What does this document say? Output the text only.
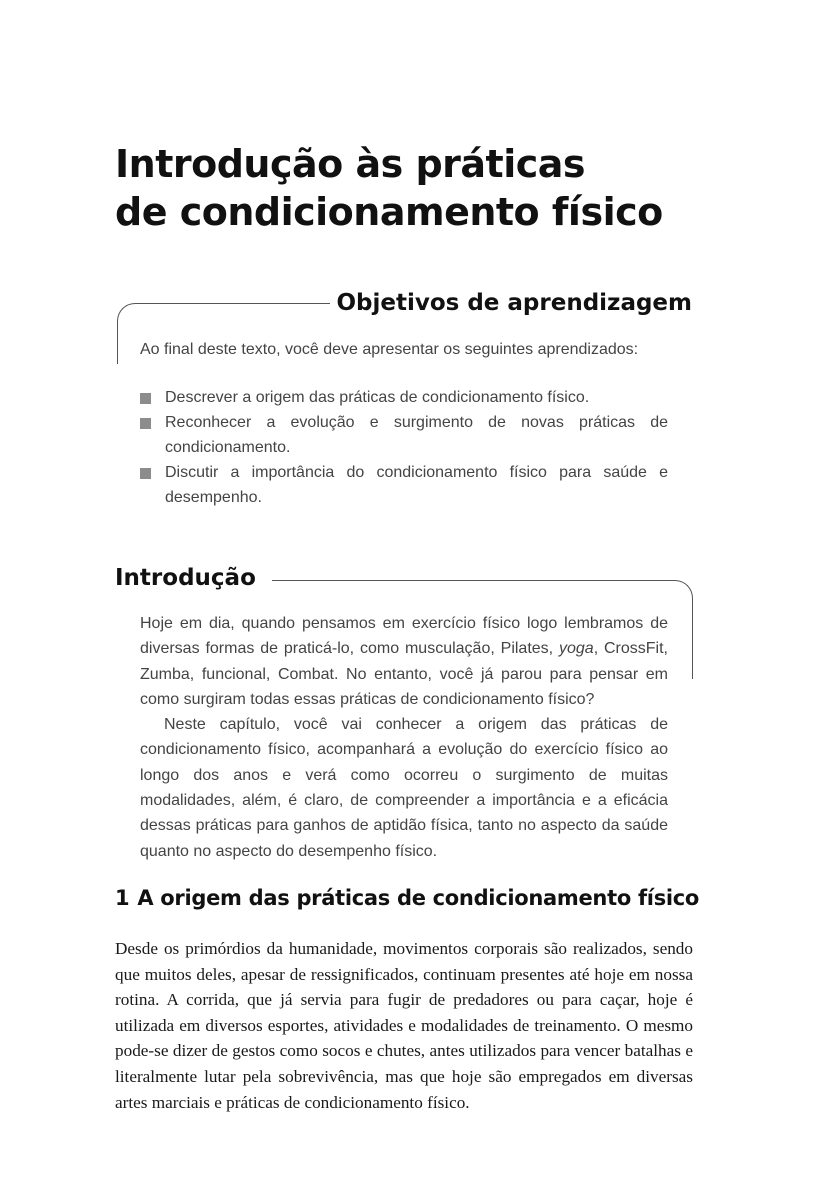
Introdução às práticas
de condicionamento físico
Objetivos de aprendizagem

Ao final deste texto, você deve apresentar os seguintes aprendizados:

Descrever a origem das práticas de condicionamento físico.
Reconhecer a evolução e surgimento de novas práticas de condicionamento.
Discutir a importância do condicionamento físico para saúde e desempenho.
Introdução

Hoje em dia, quando pensamos em exercício físico logo lembramos de diversas formas de praticá-lo, como musculação, Pilates, yoga, CrossFit, Zumba, funcional, Combat. No entanto, você já parou para pensar em como surgiram todas essas práticas de condicionamento físico?

Neste capítulo, você vai conhecer a origem das práticas de condicionamento físico, acompanhará a evolução do exercício físico ao longo dos anos e verá como ocorreu o surgimento de muitas modalidades, além, é claro, de compreender a importância e a eficácia dessas práticas para ganhos de aptidão física, tanto no aspecto da saúde quanto no aspecto do desempenho físico.

1 A origem das práticas de condicionamento físico

Desde os primórdios da humanidade, movimentos corporais são realizados, sendo que muitos deles, apesar de ressignificados, continuam presentes até hoje em nossa rotina. A corrida, que já servia para fugir de predadores ou para caçar, hoje é utilizada em diversos esportes, atividades e modalidades de treinamento. O mesmo pode-se dizer de gestos como socos e chutes, antes utilizados para vencer batalhas e literalmente lutar pela sobrevivência, mas que hoje são empregados em diversas artes marciais e práticas de condicionamento físico.
